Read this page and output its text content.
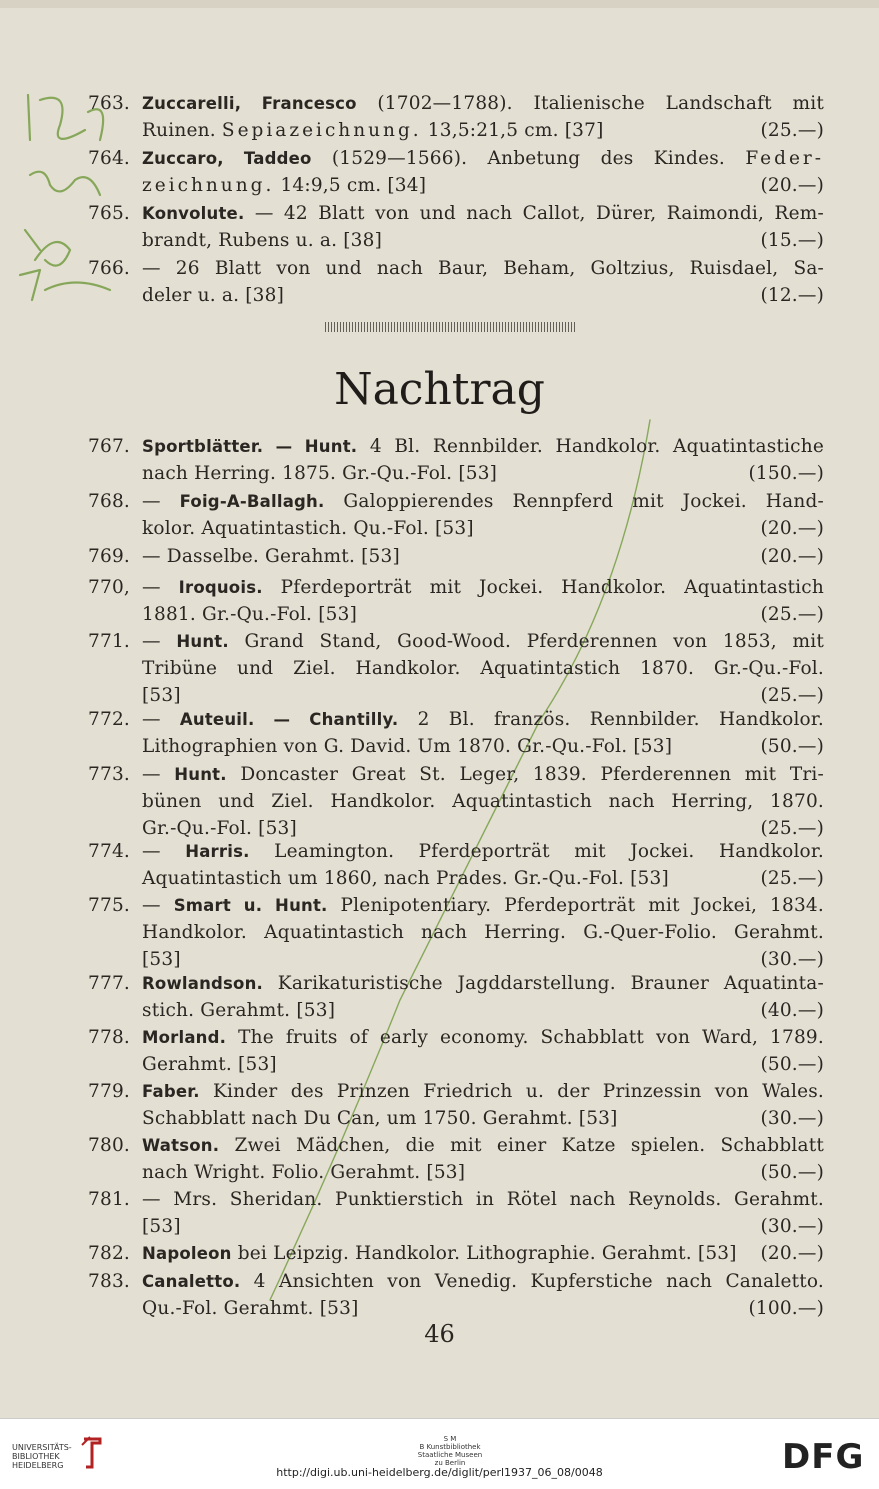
763. Zuccarelli, Francesco (1702—1788). Italienische Landschaft mit
Ruinen. Sepiazeichnung. 13,5:21,5 cm. [37]	(25.—)
764. Zuccaro, Taddeo (1529—1566). Anbetung des Kindes. Feder-
zeichnung. 14:9,5 cm. [34]	(20.—)
765. Konvolute. — 42 Blatt von und nach Callot, Dürer, Raimondi, Rem-
brandt, Rubens u. a. [38]	(15.—)
766. — 26 Blatt von und nach Baur, Beham, Goltzius, Ruisdael, Sa-
deler u. a. [38]	(12.—)
Nachtrag
767. Sportblätter. — Hunt. 4 Bl. Rennbilder. Handkolor. Aquatintastiche
nach Herring. 1875. Gr.-Qu.-Fol. [53]	(150.—)
768. — Foig-A-Ballagh. Galoppierendes Rennpferd mit Jockei. Hand-
kolor. Aquatintastich. Qu.-Fol. [53]	(20.—)
769. — Dasselbe. Gerahmt. [53]	(20.—)
770, — Iroquois. Pferdeporträt mit Jockei. Handkolor. Aquatintastich
1881. Gr.-Qu.-Fol. [53]	(25.—)
771. — Hunt. Grand Stand, Good-Wood. Pferderennen von 1853, mit
Tribüne und Ziel. Handkolor. Aquatintastich 1870. Gr.-Qu.-Fol.
[53]	(25.—)
772. — Auteuil. — Chantilly. 2 Bl. französ. Rennbilder. Handkolor.
Lithographien von G. David. Um 1870. Gr.-Qu.-Fol. [53]	(50.—)
773. — Hunt. Doncaster Great St. Leger, 1839. Pferderennen mit Tri-
bünen und Ziel. Handkolor. Aquatintastich nach Herring, 1870.
Gr.-Qu.-Fol. [53]	(25.—)
774. — Harris. Leamington. Pferdeporträt mit Jockei. Handkolor.
Aquatintastich um 1860, nach Prades. Gr.-Qu.-Fol. [53]	(25.—)
775. — Smart u. Hunt. Plenipotentiary. Pferdeporträt mit Jockei, 1834.
Handkolor. Aquatintastich nach Herring. G.-Quer-Folio. Gerahmt.
[53]	(30.—)
777. Rowlandson. Karikaturistische Jagddarstellung. Brauner Aquatinta-
stich. Gerahmt. [53]	(40.—)
778. Morland. The fruits of early economy. Schabblatt von Ward, 1789.
Gerahmt. [53]	(50.—)
779. Faber. Kinder des Prinzen Friedrich u. der Prinzessin von Wales.
Schabblatt nach Du Can, um 1750. Gerahmt. [53]	(30.—)
780. Watson. Zwei Mädchen, die mit einer Katze spielen. Schabblatt
nach Wright. Folio. Gerahmt. [53]	(50.—)
781. — Mrs. Sheridan. Punktierstich in Rötel nach Reynolds. Gerahmt.
[53]	(30.—)
782. Napoleon bei Leipzig. Handkolor. Lithographie. Gerahmt. [53] (20.—)
783. Canaletto. 4 Ansichten von Venedig. Kupferstiche nach Canaletto.
Qu.-Fol. Gerahmt. [53]	(100.—)
46
UNIVERSITÄTS-
BIBLIOTHEK
HEIDELBERG
S M
B Kunstbibliothek
Staatliche Museen
zu Berlin	DFG
http://digi.ub.uni-heidelberg.de/diglit/perl1937_06_08/0048
